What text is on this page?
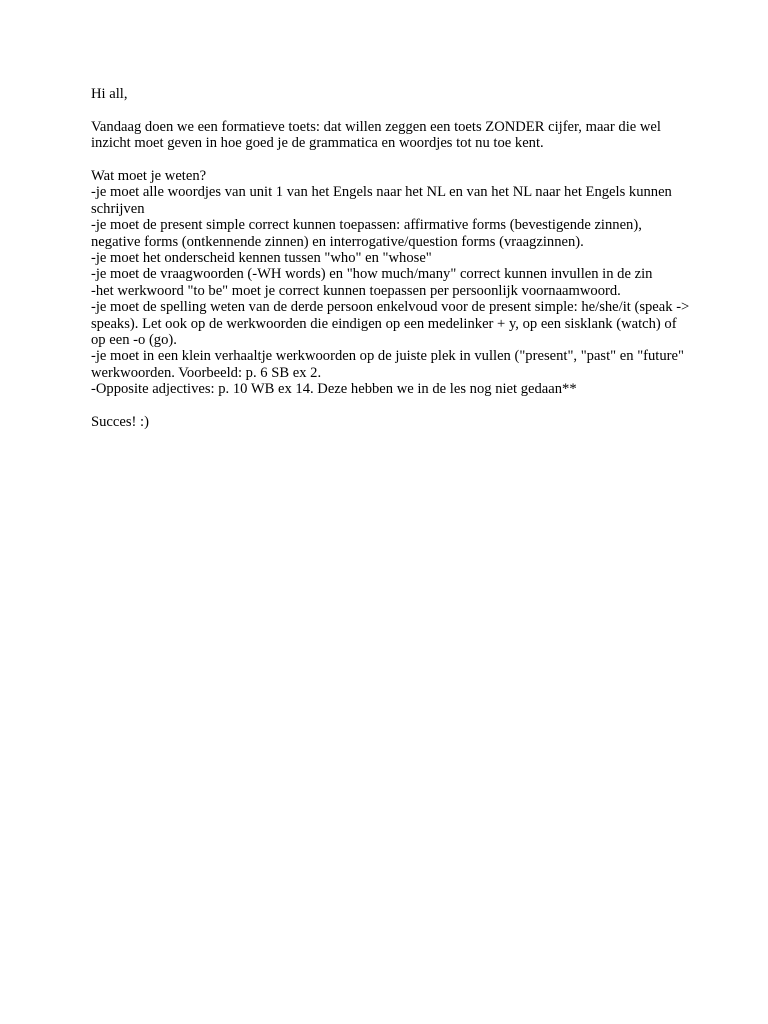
Hi all,

Vandaag doen we een formatieve toets: dat willen zeggen een toets ZONDER cijfer, maar die wel inzicht moet geven in hoe goed je de grammatica en woordjes tot nu toe kent.

Wat moet je weten?

-je moet alle woordjes van unit 1 van het Engels naar het NL en van het NL naar het Engels kunnen schrijven

-je moet de present simple correct kunnen toepassen: affirmative forms (bevestigende zinnen), negative forms (ontkennende zinnen) en interrogative/question forms (vraagzinnen).

-je moet het onderscheid kennen tussen "who" en "whose"

-je moet de vraagwoorden (-WH words) en "how much/many" correct kunnen invullen in de zin

-het werkwoord "to be" moet je correct kunnen toepassen per persoonlijk voornaamwoord.

-je moet de spelling weten van de derde persoon enkelvoud voor de present simple: he/she/it (speak -> speaks). Let ook op de werkwoorden die eindigen op een medelinker + y, op een sisklank (watch) of op een -o (go).

-je moet in een klein verhaaltje werkwoorden op de juiste plek in vullen ("present", "past" en "future" werkwoorden. Voorbeeld: p. 6 SB ex 2.

-Opposite adjectives: p. 10 WB ex 14. Deze hebben we in de les nog niet gedaan**

Succes! :)
